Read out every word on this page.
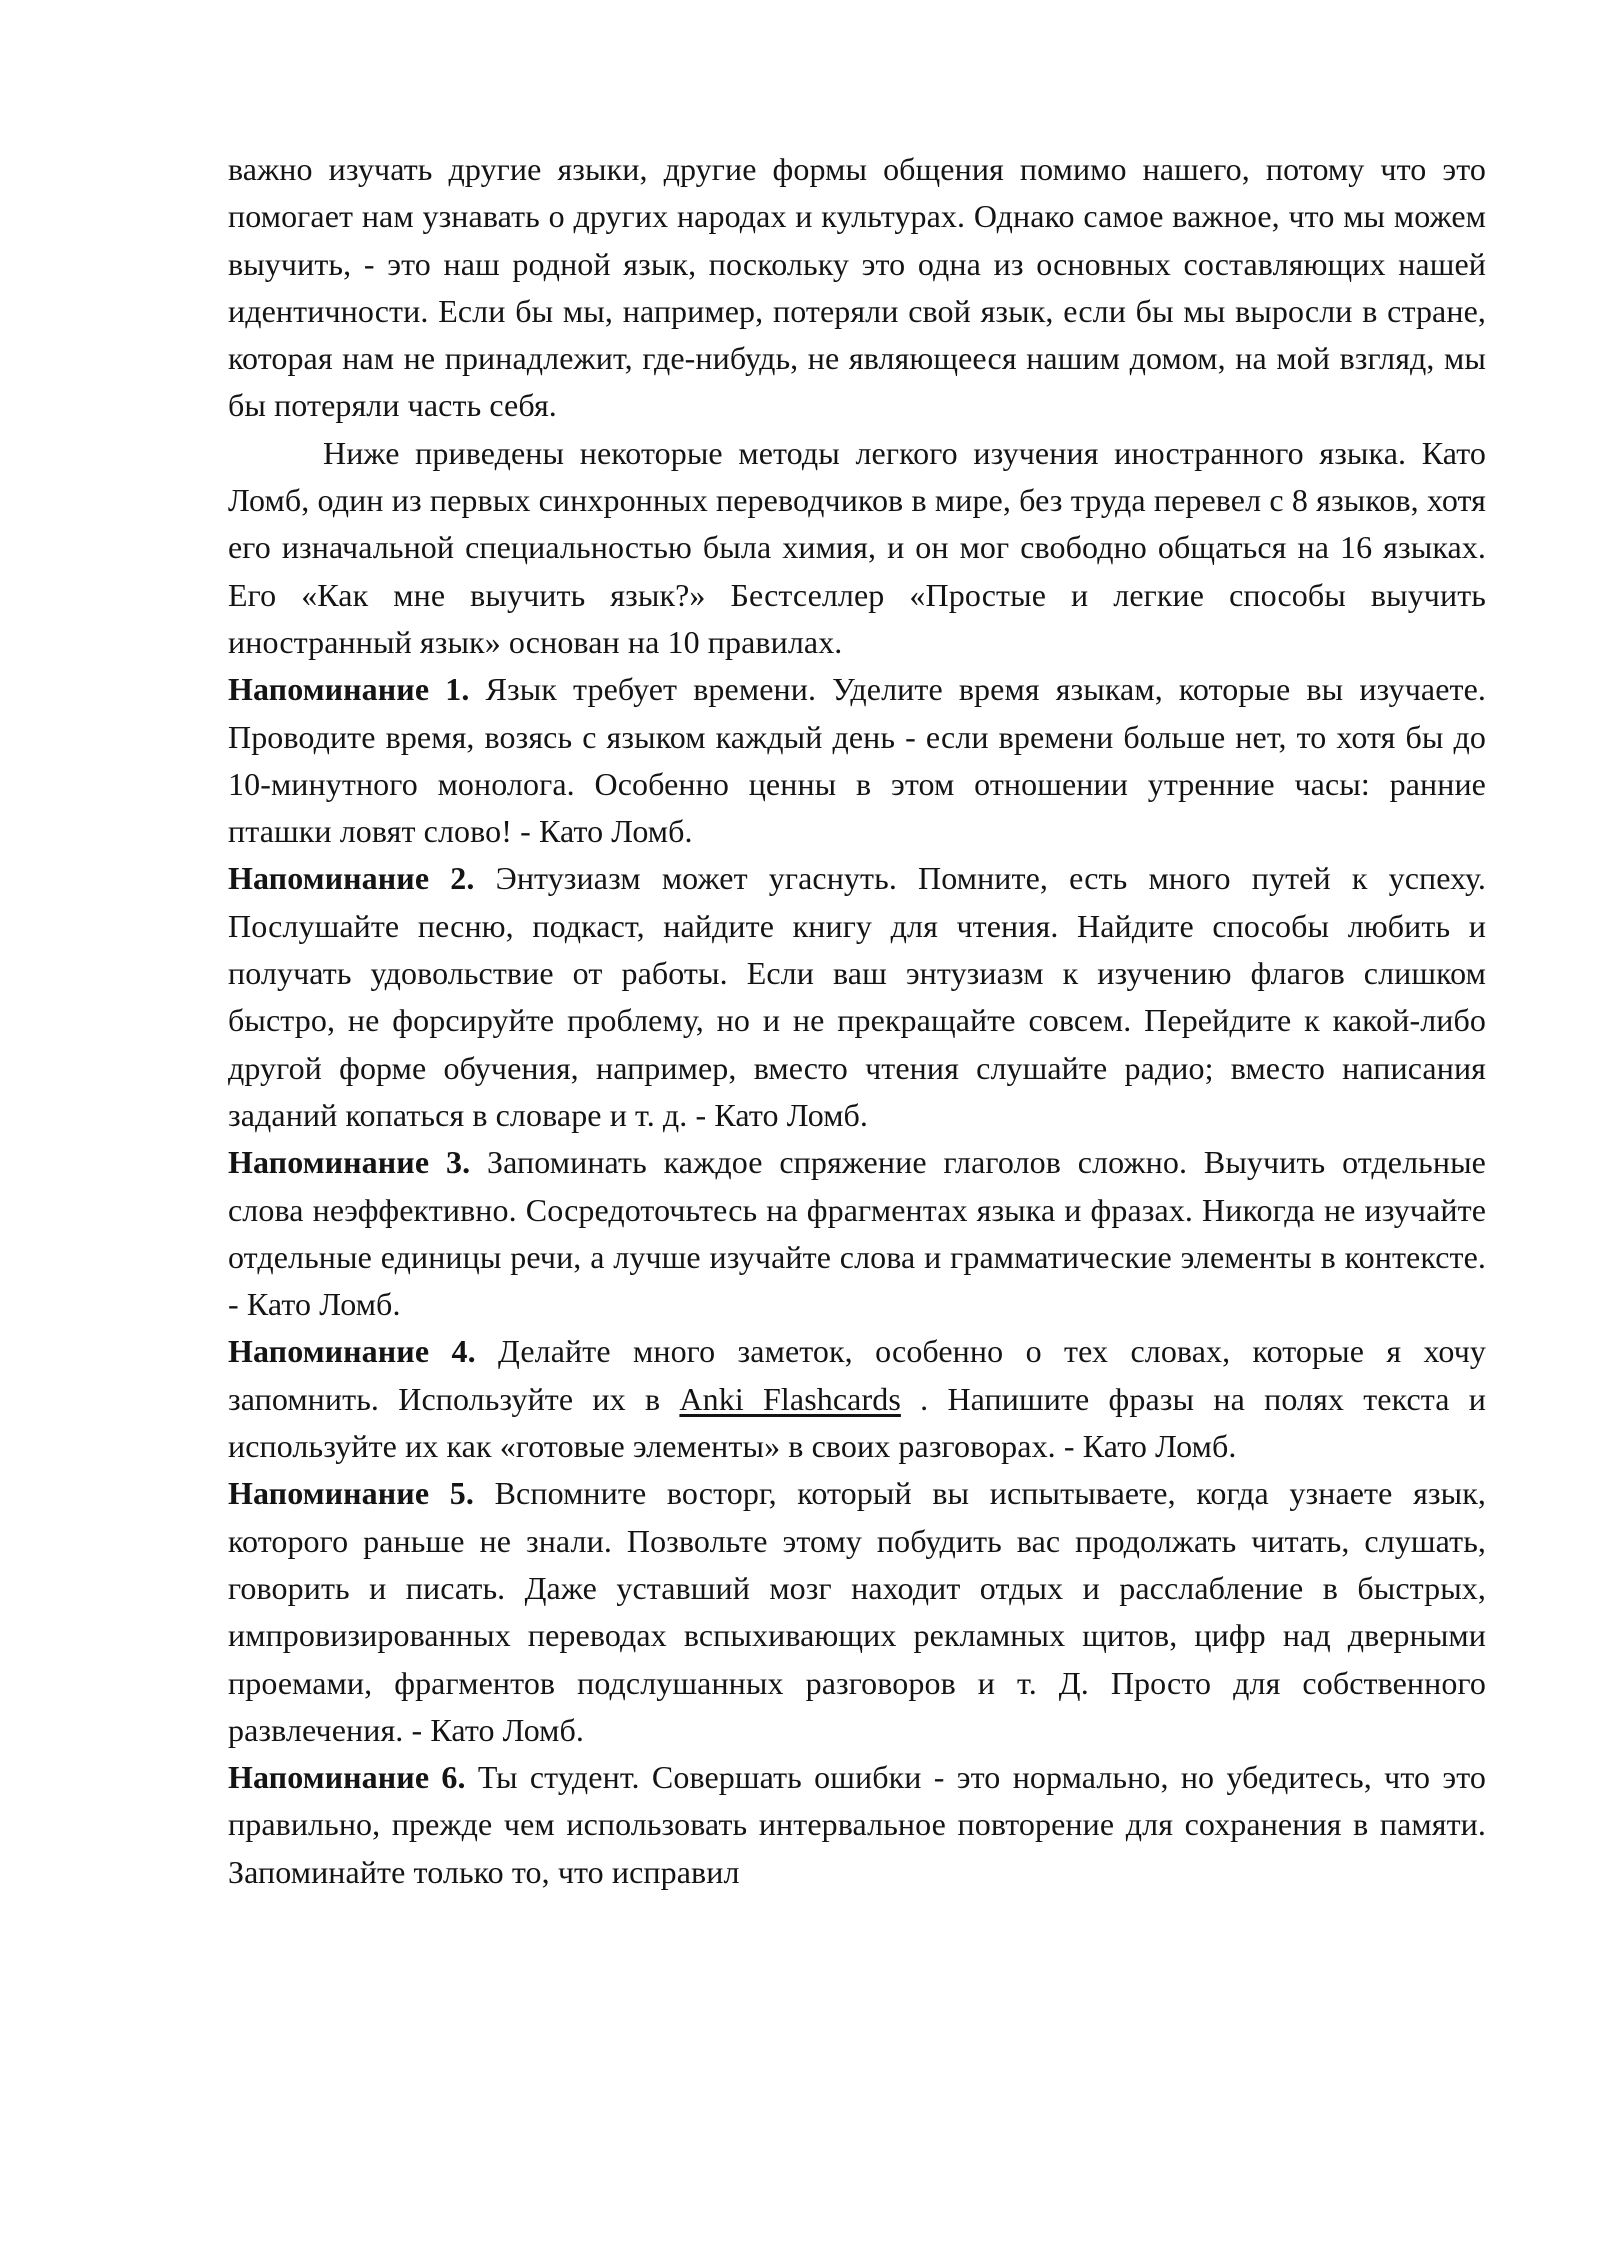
важно изучать другие языки, другие формы общения помимо нашего, потому что это помогает нам узнавать о других народах и культурах. Однако самое важное, что мы можем выучить, - это наш родной язык, поскольку это одна из основных составляющих нашей идентичности. Если бы мы, например, потеряли свой язык, если бы мы выросли в стране, которая нам не принадлежит, где-нибудь, не являющееся нашим домом, на мой взгляд, мы бы потеряли часть себя.

Ниже приведены некоторые методы легкого изучения иностранного языка. Като Ломб, один из первых синхронных переводчиков в мире, без труда перевел с 8 языков, хотя его изначальной специальностью была химия, и он мог свободно общаться на 16 языках. Его «Как мне выучить язык?» Бестселлер «Простые и легкие способы выучить иностранный язык» основан на 10 правилах.

Напоминание 1. Язык требует времени. Уделите время языкам, которые вы изучаете. Проводите время, возясь с языком каждый день - если времени больше нет, то хотя бы до 10-минутного монолога. Особенно ценны в этом отношении утренние часы: ранние пташки ловят слово! - Като Ломб.

Напоминание 2. Энтузиазм может угаснуть. Помните, есть много путей к успеху. Послушайте песню, подкаст, найдите книгу для чтения. Найдите способы любить и получать удовольствие от работы. Если ваш энтузиазм к изучению флагов слишком быстро, не форсируйте проблему, но и не прекращайте совсем. Перейдите к какой-либо другой форме обучения, например, вместо чтения слушайте радио; вместо написания заданий копаться в словаре и т. д. - Като Ломб.

Напоминание 3. Запоминать каждое спряжение глаголов сложно. Выучить отдельные слова неэффективно. Сосредоточьтесь на фрагментах языка и фразах. Никогда не изучайте отдельные единицы речи, а лучше изучайте слова и грамматические элементы в контексте. - Като Ломб.

Напоминание 4. Делайте много заметок, особенно о тех словах, которые я хочу запомнить. Используйте их в Anki Flashcards . Напишите фразы на полях текста и используйте их как «готовые элементы» в своих разговорах. - Като Ломб.

Напоминание 5. Вспомните восторг, который вы испытываете, когда узнаете язык, которого раньше не знали. Позвольте этому побудить вас продолжать читать, слушать, говорить и писать. Даже уставший мозг находит отдых и расслабление в быстрых, импровизированных переводах вспыхивающих рекламных щитов, цифр над дверными проемами, фрагментов подслушанных разговоров и т. Д. Просто для собственного развлечения. - Като Ломб.

Напоминание 6. Ты студент. Совершать ошибки - это нормально, но убедитесь, что это правильно, прежде чем использовать интервальное повторение для сохранения в памяти. Запоминайте только то, что исправил
